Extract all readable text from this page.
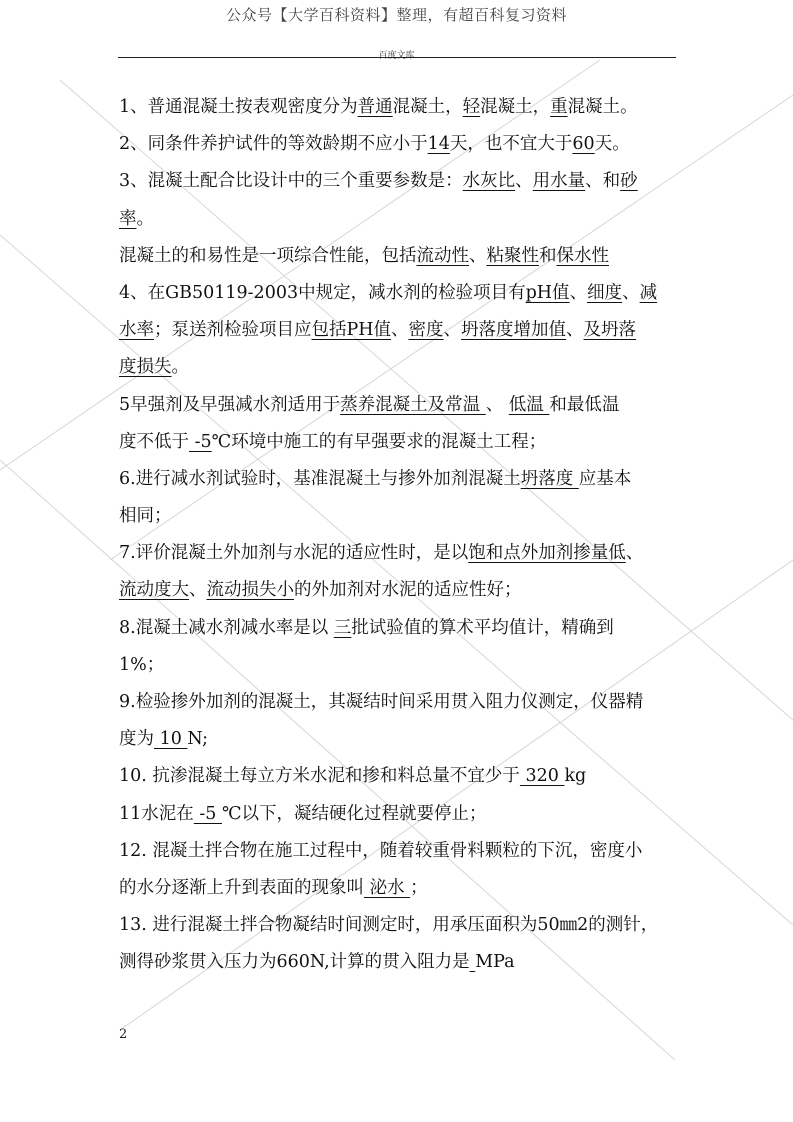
公众号【大学百科资料】整理，有超百科复习资料
百度文库
1、普通混凝土按表观密度分为普通混凝土，轻混凝土，重混凝土。
2、同条件养护试件的等效龄期不应小于14天，也不宜大于60天。
3、混凝土配合比设计中的三个重要参数是：水灰比、用水量、和砂
率。
混凝土的和易性是一项综合性能，包括流动性、粘聚性和保水性
4、在GB50119-2003中规定，减水剂的检验项目有pH值、细度、减
水率；泵送剂检验项目应包括PH值、密度、坍落度增加值、及坍落
度损失。
5早强剂及早强减水剂适用于蒸养混凝土及常温 、 低温 和最低温
度不低于 -5℃环境中施工的有早强要求的混凝土工程；
6.进行减水剂试验时，基准混凝土与掺外加剂混凝土坍落度 应基本
相同；
7.评价混凝土外加剂与水泥的适应性时，是以饱和点外加剂掺量低、
流动度大、流动损失小的外加剂对水泥的适应性好；
8.混凝土减水剂减水率是以 三批试验值的算术平均值计，精确到
1%；
9.检验掺外加剂的混凝土，其凝结时间采用贯入阻力仪测定，仪器精
度为 10 N;
10. 抗渗混凝土每立方米水泥和掺和料总量不宜少于 320 kg
11水泥在 -5 ℃以下，凝结硬化过程就要停止；
12. 混凝土拌合物在施工过程中，随着较重骨料颗粒的下沉，密度小
的水分逐渐上升到表面的现象叫 泌水 ；
13. 进行混凝土拌合物凝结时间测定时，用承压面积为50㎜2的测针，
测得砂浆贯入压力为660N,计算的贯入阻力是 MPa
2
